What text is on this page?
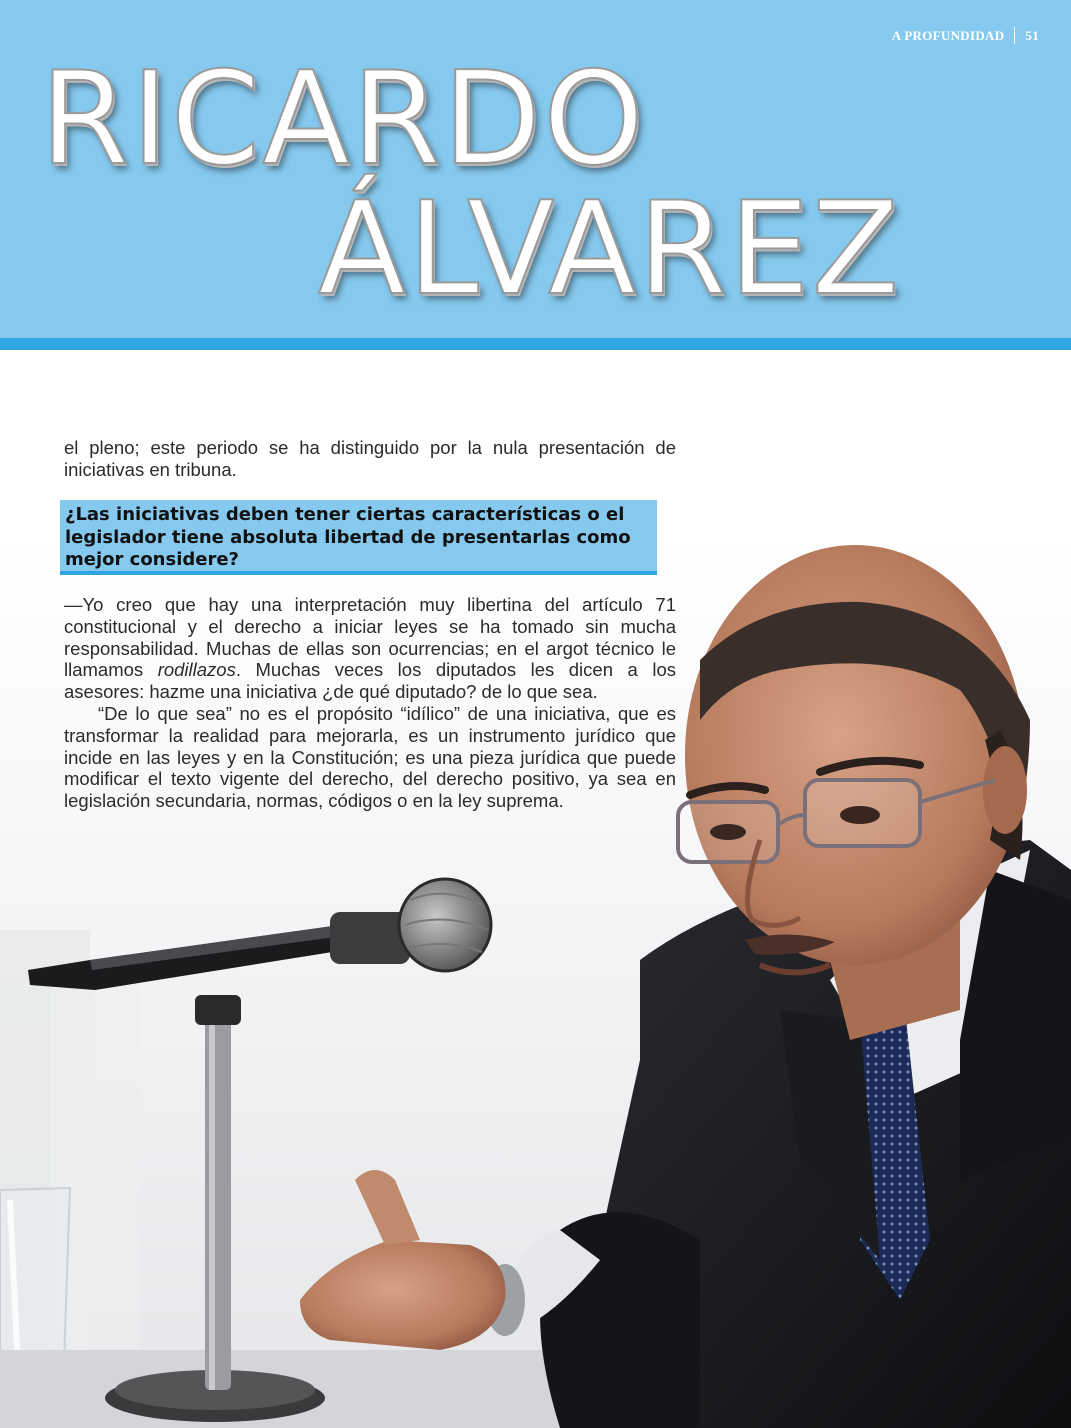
A PROFUNDIDAD 51
RICARDO
ÁLVAREZ

el pleno; este periodo se ha distinguido por la nula presentación de iniciativas en tribuna.

¿Las iniciativas deben tener ciertas características o el legislador tiene absoluta libertad de presentarlas como mejor considere?

—Yo creo que hay una interpretación muy libertina del artículo 71 constitucional y el derecho a iniciar leyes se ha tomado sin mucha responsabilidad. Muchas de ellas son ocurrencias; en el argot técnico le llamamos rodillazos. Muchas veces los diputados les dicen a los asesores: hazme una iniciativa ¿de qué diputado? de lo que sea.

“De lo que sea” no es el propósito “idílico” de una iniciativa, que es transformar la realidad para mejorarla, es un instrumento jurídico que incide en las leyes y en la Constitución; es una pieza jurídica que puede modificar el texto vigente del derecho, del derecho positivo, ya sea en legislación secundaria, normas, códigos o en la ley suprema.
